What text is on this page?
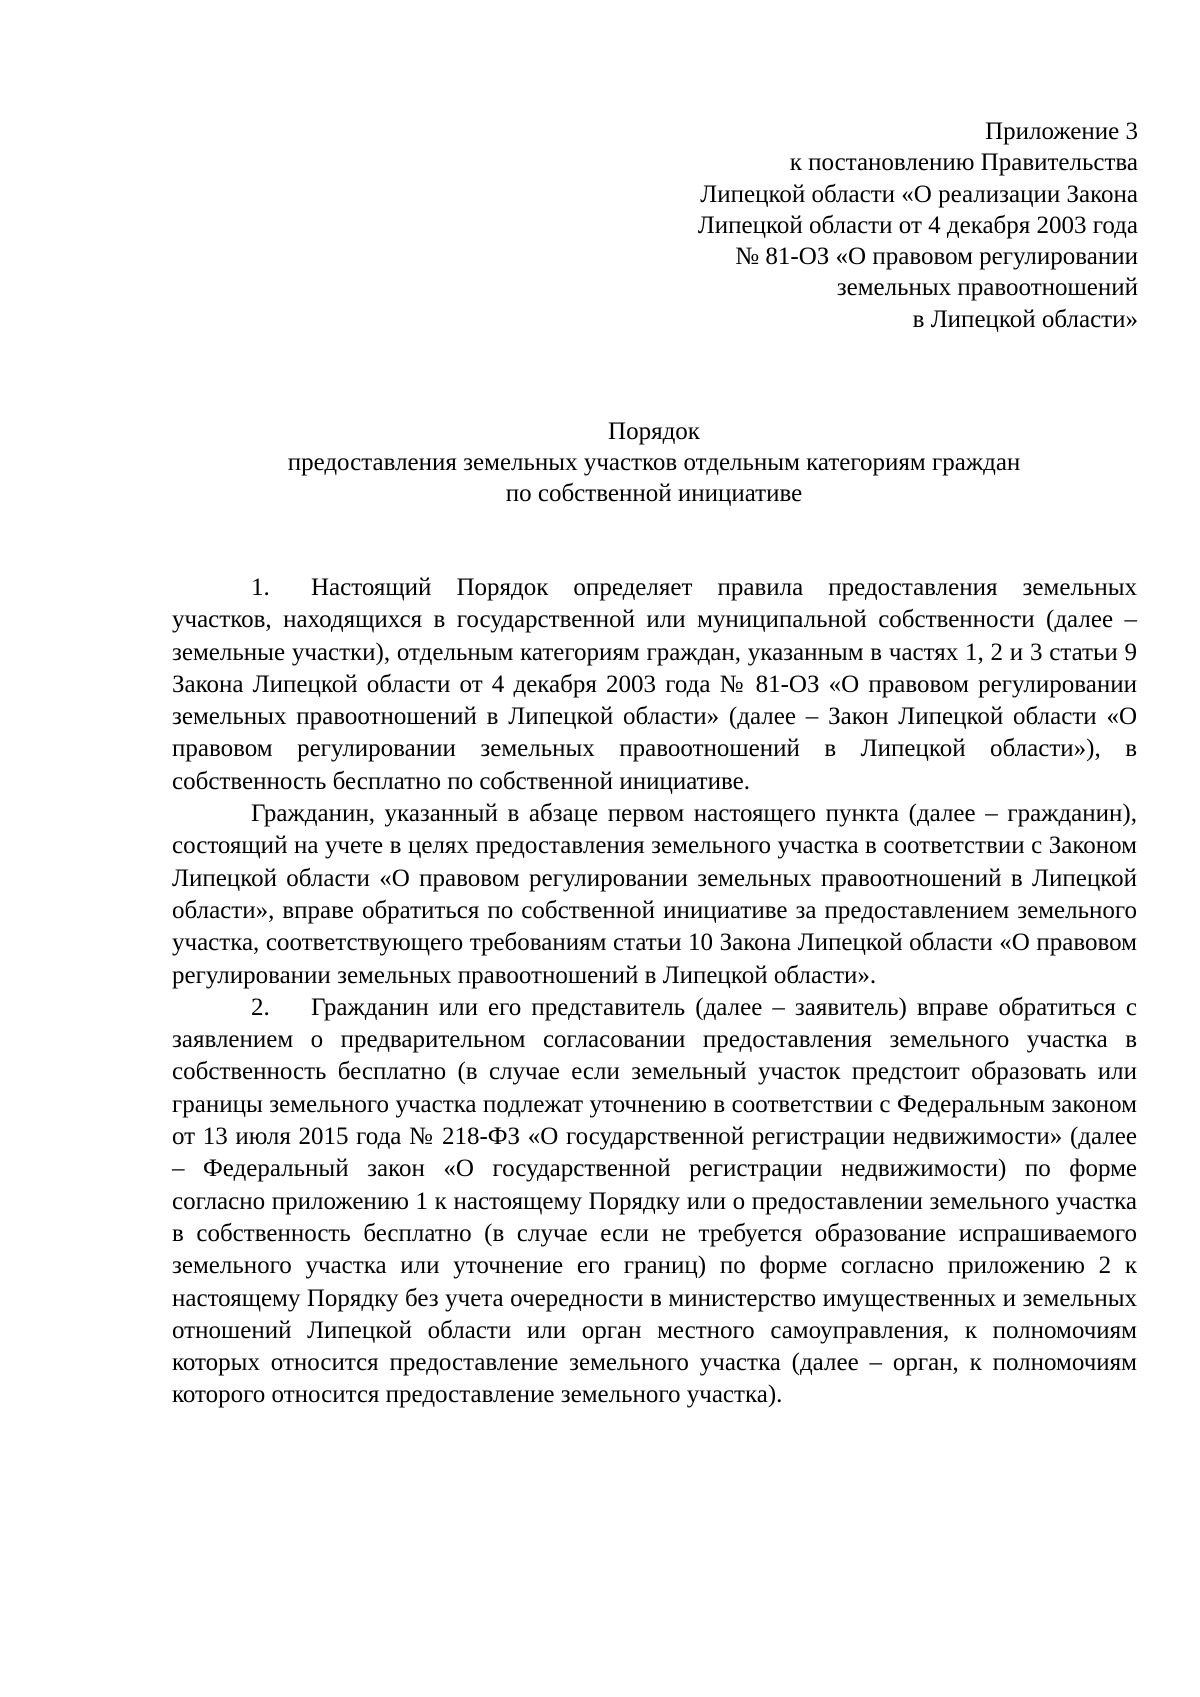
Приложение 3
к постановлению Правительства
Липецкой области «О реализации Закона
Липецкой области от 4 декабря 2003 года
№ 81-ОЗ «О правовом регулировании
земельных правоотношений
в Липецкой области»
Порядок
предоставления земельных участков отдельным категориям граждан
по собственной инициативе

1. Настоящий Порядок определяет правила предоставления земельных участков, находящихся в государственной или муниципальной собственности (далее – земельные участки), отдельным категориям граждан, указанным в частях 1, 2 и 3 статьи 9 Закона Липецкой области от 4 декабря 2003 года № 81-ОЗ «О правовом регулировании земельных правоотношений в Липецкой области» (далее – Закон Липецкой области «О правовом регулировании земельных правоотношений в Липецкой области»), в собственность бесплатно по собственной инициативе.

Гражданин, указанный в абзаце первом настоящего пункта (далее – гражданин), состоящий на учете в целях предоставления земельного участка в соответствии с Законом Липецкой области «О правовом регулировании земельных правоотношений в Липецкой области», вправе обратиться по собственной инициативе за предоставлением земельного участка, соответствующего требованиям статьи 10 Закона Липецкой области «О правовом регулировании земельных правоотношений в Липецкой области».

2. Гражданин или его представитель (далее – заявитель) вправе обратиться с заявлением о предварительном согласовании предоставления земельного участка в собственность бесплатно (в случае если земельный участок предстоит образовать или границы земельного участка подлежат уточнению в соответствии с Федеральным законом от 13 июля 2015 года № 218-ФЗ «О государственной регистрации недвижимости» (далее – Федеральный закон «О государственной регистрации недвижимости) по форме согласно приложению 1 к настоящему Порядку или о предоставлении земельного участка в собственность бесплатно (в случае если не требуется образование испрашиваемого земельного участка или уточнение его границ) по форме согласно приложению 2 к настоящему Порядку без учета очередности в министерство имущественных и земельных отношений Липецкой области или орган местного самоуправления, к полномочиям которых относится предоставление земельного участка (далее – орган, к полномочиям которого относится предоставление земельного участка).
